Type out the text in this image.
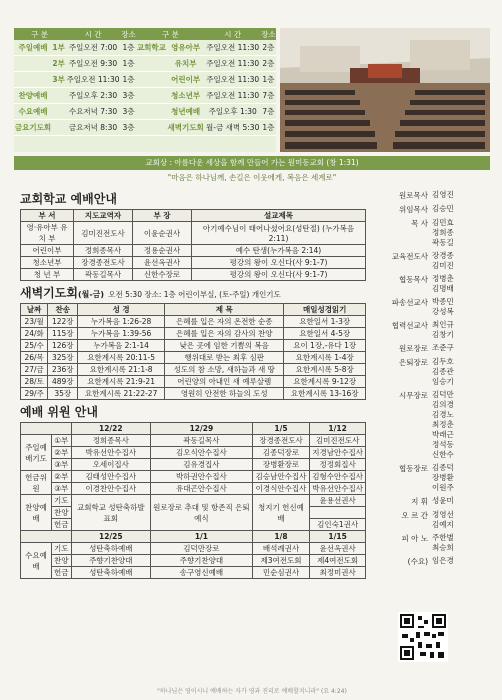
구 분		시 간	장소	구 분		시 간	장소
주일예배	1부	주일오전 7:00	1층	교회학교	영유아부	주일오전 11:30	2층
	2부	주일오전 9:30	1층		유치부	주일오전 11:30	2층
	3부	주일오전 11:30	1층		어린이부	주일오전 11:30	1층
찬양예배		주일오후 2:30	3층		청소년부	주일오전 11:30	7층
수요예배		수요저녁 7:30	3층		청년예배	주일오후 1:30	7층
금요기도회		금요저녁 8:30	3층		새벽기도회	월-금 새벽 5:30	1층
교회상 : 아름다운 세상을 함께 만들어 가는 원미동교회 (창 1:31)
"마음은 하나님께, 손길은 이웃에게, 복음은 세계로"
교회학교 예배안내
부 서	지도교역자	부 장	설교제목
영·유아부 유 치 부	김미진전도사	이윤순권사	아기예수님이 태어나셨어요(성탄절) (누가복음 2:11)
어린이부	정희종목사	정용순권사	예수 탄생(누가복음 2:14)
청소년부	장경종전도사	윤선옥권사	평강의 왕이 오신다(사 9:1-7)
청 년 부	곽동길목사	신한수장로	평강의 왕이 오신다(사 9:1-7)
새벽기도회(월-금) 오전 5:30 장소: 1층 어린이부실, (토-주일) 개인기도
날짜	찬송	성 경	제 목	매일성경읽기
23/월	122장	누가복음 1:26-28	은혜를 입은 자의 온전한 순종	요한일서 1-3장
24/화	115장	누가복음 1:39-56	은혜를 입은 자의 감사의 찬양	요한일서 4-5장
25/수	126장	누가복음 2:1-14	낮은 곳에 임한 기쁨의 복음	요이 1장,-유다 1장
26/목	325장	요한계시록 20:11-5	행위대로 받는 최후 심판	요한계시록 1-4장
27/금	236장	요한계시록 21:1-8	성도의 참 소망, 새하늘과 새 땅	요한계시록 5-8장
28/토	489장	요한계시록 21:9-21	어린양의 아내인 새 예루살렘	요한계시록 9-12장
29/주	35장	요한계시록 21:22-27	영원히 안전한 하늘의 도성	요한계시록 13-16장
예배 위원 안내
		12/22	12/29	1/5	1/12
주일예배기도	①부	정희종목사	곽동길목사	장경종전도사	김미진전도사
	②부	박유선안수집사	김오식안수집사	김종덕장로	지경남안수집사
	③부	오세이집사	김유경집사	장병환장로	정정회집사
헌금위원	②부	김태성안수집사	박하권안수집사	김승남안수집사	김형수안수집사
	③부	이경찬안수집사	유대곤안수집사	이경식안수집사	박유선안수집사
찬양예배	기도	교회학교 성탄축하발표회	원로장로 추대 및 항존직 은퇴예식	청지기 헌신예배	윤용선권사
	찬양				
	헌금				김인숙1권사
		12/25	1/1	1/8	1/15
수요예배	기도	성탄축하예배	김덕만장로	배석례권사	윤선옥권사
	찬양	주향기찬양대	주향기찬양대	제3여전도회	제4여전도회
	헌금	성탄축하예배	송구영신예배	민순심권사	최정미권사
원로목사 김영진
위임목사 김승민
목 사 김민효
정희종
곽동길
교육전도사 장경종
김미진
협동목사 정병춘
김명배
파송선교사 박종민
강성복
협력선교사 최인규
김창기
원로장로 조준구
은퇴장로 김두호
김종관
임승기
시무장로 김덕만
김의경
김경노
최정춘
박래근
정석동
신한수
협동장로 김종덕
장병환
이원주
지 휘 성윤미
오 르 간 정영선
김예지
피 아 노 주한별
최승희
(수요) 임은경
"하나님은 영이시니 예배하는 자가 영과 진리로 예배할지니라" (요 4:24)
